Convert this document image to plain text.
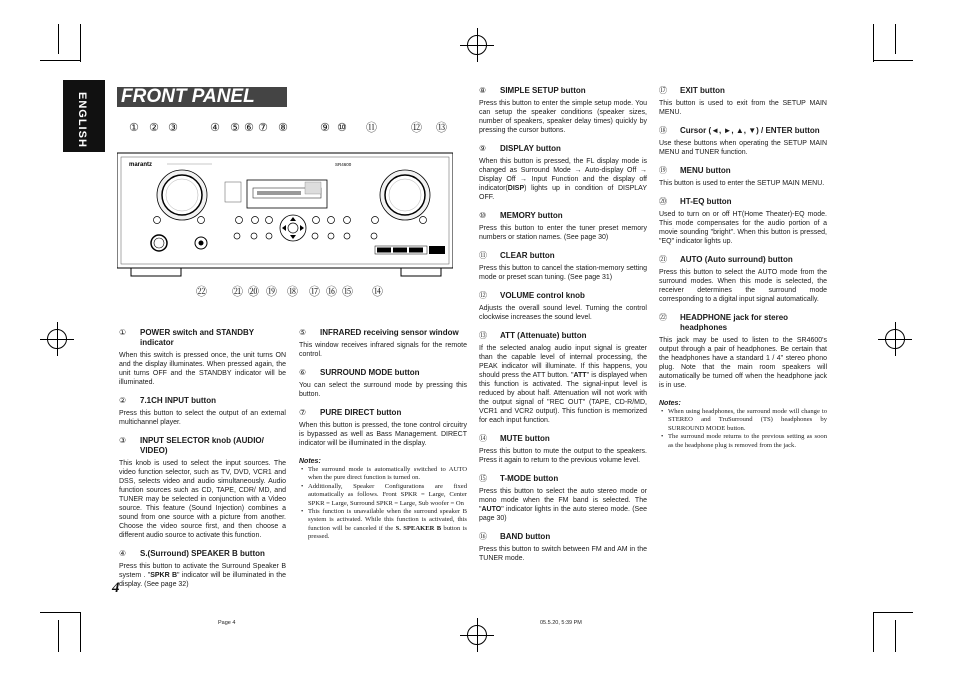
ENGLISH FRONT PANEL
① ② ③	④ ⑤ ⑥ ⑦ ⑧	⑨ ⑩ ⑪	⑫ ⑬
㉒ ㉑ ⑳ ⑲ ⑱ ⑰ ⑯ ⑮ ⑭
marantz	SR4600
① POWER switch and STANDBY indicator
When this switch is pressed once, the unit turns ON and the display illuminates. When pressed again, the unit turns OFF and the STANDBY indicator will be illuminated.
② 7.1CH INPUT button
Press this button to select the output of an external multichannel player.
③ INPUT SELECTOR knob (AUDIO/ VIDEO)
This knob is used to select the input sources. The video function selector, such as TV, DVD, VCR1 and DSS, selects video and audio simultaneously. Audio function sources such as CD, TAPE, CDR/ MD, and TUNER may be selected in conjunction with a Video source. This feature (Sound Injection) combines a sound from one source with a picture from another. Choose the video source first, and then choose a different audio source to activate this function.
④ S.(Surround) SPEAKER B button
Press this button to activate the Surround Speaker B system . "SPKR B" indicator will be illuminated in the display. (See page 32)
⑤ INFRARED receiving sensor window
This window receives infrared signals for the remote control.
⑥ SURROUND MODE button
You can select the surround mode by pressing this button.
⑦ PURE DIRECT button
When this button is pressed, the tone control circuitry is bypassed as well as Bass Management. DIRECT indicator will be illuminated in the display.
Notes:
• The surround mode is automatically switched to AUTO when the pure direct function is turned on.
• Additionally, Speaker Configurations are fixed automatically as follows. Front SPKR = Large, Center SPKR = Large, Surround SPKR = Large, Sub woofer = On
• This function is unavailable when the surround speaker B system is activated. While this function is activated, this function will be canceled if the S. SPEAKER B button is pressed.
⑧ SIMPLE SETUP button
Press this button to enter the simple setup mode. You can setup the speaker conditions (speaker sizes, number of speakers, speaker delay times) quickly by pressing the cursor buttons.
⑨ DISPLAY button
When this button is pressed, the FL display mode is changed as Surround Mode → Auto-display Off → Display Off → Input Function and the display off indicator(DISP) lights up in condition of DISPLAY OFF.
⑩ MEMORY button
Press this button to enter the tuner preset memory numbers or station names. (See page 30)
⑪ CLEAR button
Press this button to cancel the station-memory setting mode or preset scan tuning. (See page 31)
⑫ VOLUME control knob
Adjusts the overall sound level. Turning the control clockwise increases the sound level.
⑬ ATT (Attenuate) button
If the selected analog audio input signal is greater than the capable level of internal processing, the PEAK indicator will illuminate. If this happens, you should press the ATT button. "ATT" is displayed when this function is activated. The signal-input level is reduced by about half. Attenuation will not work with the output signal of "REC OUT" (TAPE, CD-R/MD, VCR1 and VCR2 output). This function is memorized for each input function.
⑭ MUTE button
Press this button to mute the output to the speakers. Press it again to return to the previous volume level.
⑮ T-MODE button
Press this button to select the auto stereo mode or mono mode when the FM band is selected. The "AUTO" indicator lights in the auto stereo mode. (See page 30)
⑯ BAND button
Press this button to switch between FM and AM in the TUNER mode.
⑰ EXIT button
This button is used to exit from the SETUP MAIN MENU.
⑱ Cursor (◄, ►, ▲, ▼) / ENTER button
Use these buttons when operating the SETUP MAIN MENU and TUNER function.
⑲ MENU button
This button is used to enter the SETUP MAIN MENU.
⑳ HT-EQ button
Used to turn on or off HT(Home Theater)-EQ mode. This mode compensates for the audio portion of a movie sounding "bright". When this button is pressed, "EQ" indicator lights up.
㉑ AUTO (Auto surround) button
Press this button to select the AUTO mode from the surround modes. When this mode is selected, the receiver determines the surround mode corresponding to a digital input signal automatically.
㉒ HEADPHONE jack for stereo headphones
This jack may be used to listen to the SR4600's output through a pair of headphones. Be certain that the headphones have a standard 1 / 4" stereo phono plug. Note that the main room speakers will automatically be turned off when the headphone jack is in use.
Notes:
• When using headphones, the surround mode will change to STEREO and TruSurround (TS) headphones by SURROUND MODE button.
• The surround mode returns to the previous setting as soon as the headphone plug is removed from the jack.
4
Page 4	05.5.20, 5:39 PM
